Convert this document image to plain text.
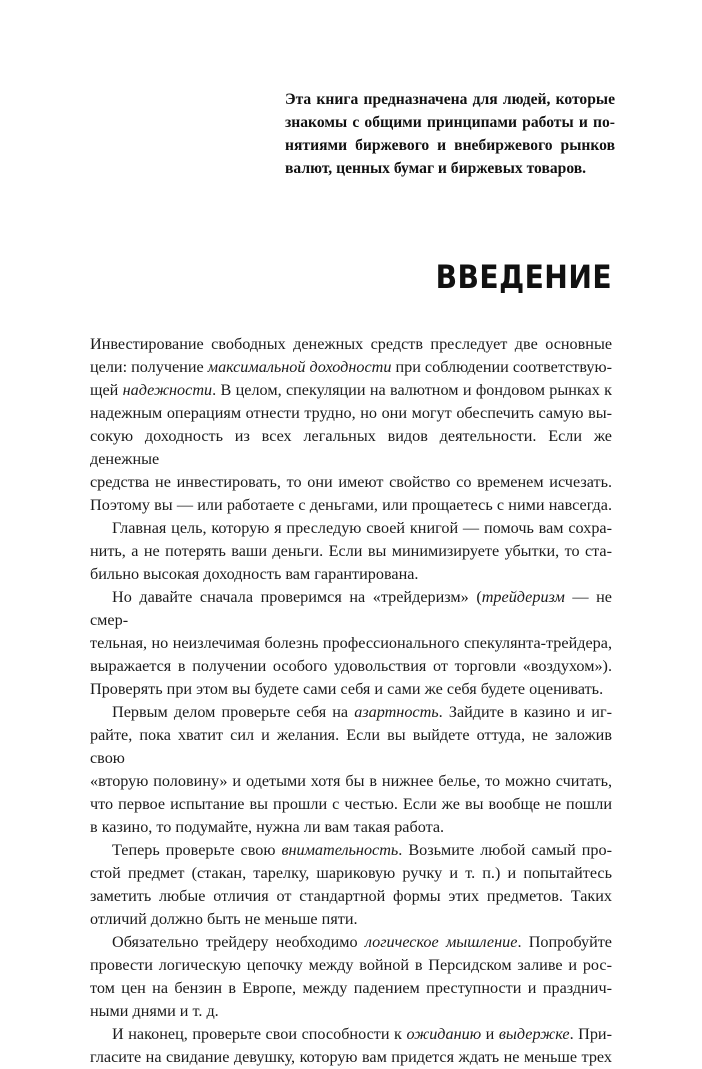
Эта книга предназначена для людей, которые
знакомы с общими принципами работы и по-
нятиями биржевого и внебиржевого рынков
валют, ценных бумаг и биржевых товаров.
ВВЕДЕНИЕ
Инвестирование свободных денежных средств преследует две основные
цели: получение максимальной доходности при соблюдении соответствую-
щей надежности. В целом, спекуляции на валютном и фондовом рынках к
надежным операциям отнести трудно, но они могут обеспечить самую вы-
сокую доходность из всех легальных видов деятельности. Если же денежные
средства не инвестировать, то они имеют свойство со временем исчезать.
Поэтому вы — или работаете с деньгами, или прощаетесь с ними навсегда.
Главная цель, которую я преследую своей книгой — помочь вам сохра-
нить, а не потерять ваши деньги. Если вы минимизируете убытки, то ста-
бильно высокая доходность вам гарантирована.
Но давайте сначала проверимся на «трейдеризм» (трейдеризм — не смер-
тельная, но неизлечимая болезнь профессионального спекулянта-трейдера,
выражается в получении особого удовольствия от торговли «воздухом»).
Проверять при этом вы будете сами себя и сами же себя будете оценивать.
Первым делом проверьте себя на азартность. Зайдите в казино и иг-
райте, пока хватит сил и желания. Если вы выйдете оттуда, не заложив свою
«вторую половину» и одетыми хотя бы в нижнее белье, то можно считать,
что первое испытание вы прошли с честью. Если же вы вообще не пошли
в казино, то подумайте, нужна ли вам такая работа.
Теперь проверьте свою внимательность. Возьмите любой самый про-
стой предмет (стакан, тарелку, шариковую ручку и т. п.) и попытайтесь
заметить любые отличия от стандартной формы этих предметов. Таких
отличий должно быть не меньше пяти.
Обязательно трейдеру необходимо логическое мышление. Попробуйте
провести логическую цепочку между войной в Персидском заливе и рос-
том цен на бензин в Европе, между падением преступности и празднич-
ными днями и т. д.
И наконец, проверьте свои способности к ожиданию и выдержке. При-
гласите на свидание девушку, которую вам придется ждать не меньше трех
